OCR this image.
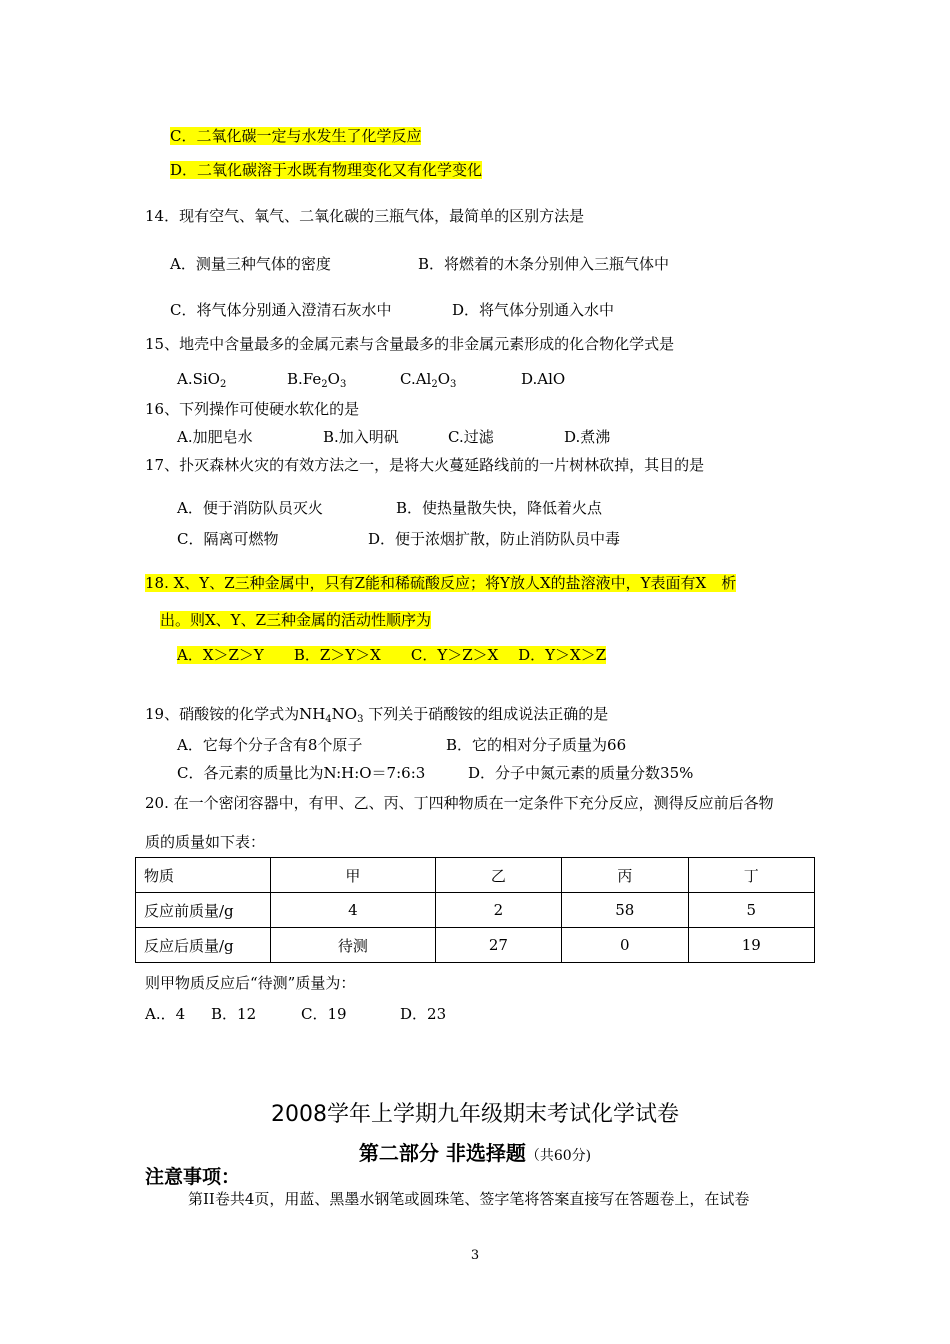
C．二氧化碳一定与水发生了化学反应
D．二氧化碳溶于水既有物理变化又有化学变化
14．现有空气、氧气、二氧化碳的三瓶气体，最简单的区别方法是
A．测量三种气体的密度	B．将燃着的木条分别伸入三瓶气体中
C．将气体分别通入澄清石灰水中	D．将气体分别通入水中
15、地壳中含量最多的金属元素与含量最多的非金属元素形成的化合物化学式是
A.SiO$_2$	$B.Fe_2O_3$	$C.Al_2O_3$	D.AlO
16、下列操作可使硬水软化的是
A.加肥皂水	B.加入明矾	C.过滤	D.煮沸
17、扑灭森林火灾的有效方法之一，是将大火蔓延路线前的一片树林砍掉，其目的是
A．便于消防队员灭火	B．使热量散失快，降低着火点
C．隔离可燃物	D．便于浓烟扩散，防止消防队员中毒
18. X、Y、Z三种金属中，只有Z能和稀硫酸反应；将Y放人X的盐溶液中，Y表面有X　析
出。则X、Y、Z三种金属的活动性顺序为
A．X＞Z＞Y　　B．Z＞Y＞X　　C．Y＞Z＞X　 D．Y＞X＞Z
19、硝酸铵的化学式为$NH_4NO_3$ 下列关于硝酸铵的组成说法正确的是
A．它每个分子含有8个原子	B．它的相对分子质量为66
C．各元素的质量比为N:H:O＝7:6:3	D．分子中氮元素的质量分数35%
20. 在一个密闭容器中，有甲、乙、丙、丁四种物质在一定条件下充分反应，测得反应前后各物
质的质量如下表：
物质	甲	乙	丙	丁
反应前质量/g	4	2	58	5
反应后质量/g	待测	27	0	19
则甲物质反应后“待测”质量为：
A.．4 B．12	C．19	D．23
2008学年上学期九年级期末考试化学试卷
第二部分 非选择题（共60分)
注意事项：
第II卷共4页，用蓝、黑墨水钢笔或圆珠笔、签字笔将答案直接写在答题卷上，在试卷
3
